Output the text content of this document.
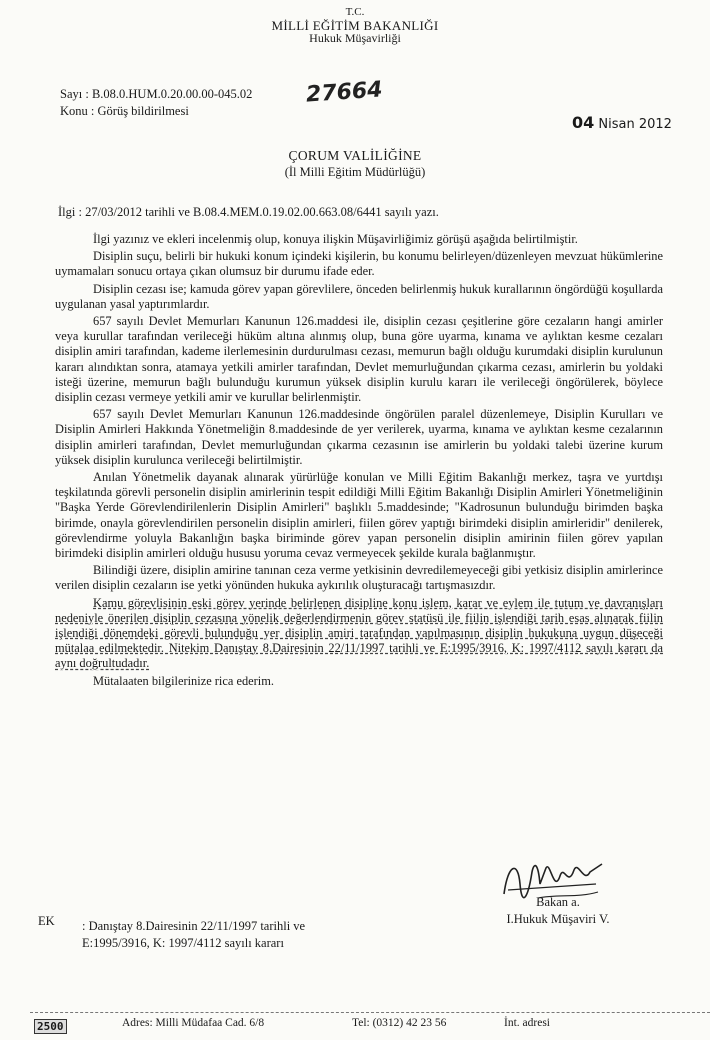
T.C.
MİLLİ EĞİTİM BAKANLIĞI
Hukuk Müşavirliği
Sayı : B.08.0.HUM.0.20.00.00-045.02
Konu : Görüş bildirilmesi
27664
04 Nisan 2012
ÇORUM VALİLİĞİNE
(İl Milli Eğitim Müdürlüğü)
İlgi : 27/03/2012 tarihli ve B.08.4.MEM.0.19.02.00.663.08/6441 sayılı yazı.

İlgi yazınız ve ekleri incelenmiş olup, konuya ilişkin Müşavirliğimiz görüşü aşağıda belirtilmiştir.

Disiplin suçu, belirli bir hukuki konum içindeki kişilerin, bu konumu belirleyen/düzenleyen mevzuat hükümlerine uymamaları sonucu ortaya çıkan olumsuz bir durumu ifade eder.

Disiplin cezası ise; kamuda görev yapan görevlilere, önceden belirlenmiş hukuk kurallarının öngördüğü koşullarda uygulanan yasal yaptırımlardır.

657 sayılı Devlet Memurları Kanunun 126.maddesi ile, disiplin cezası çeşitlerine göre cezaların hangi amirler veya kurullar tarafından verileceği hüküm altına alınmış olup, buna göre uyarma, kınama ve aylıktan kesme cezaları disiplin amiri tarafından, kademe ilerlemesinin durdurulması cezası, memurun bağlı olduğu kurumdaki disiplin kurulunun kararı alındıktan sonra, atamaya yetkili amirler tarafından, Devlet memurluğundan çıkarma cezası, amirlerin bu yoldaki isteği üzerine, memurun bağlı bulunduğu kurumun yüksek disiplin kurulu kararı ile verileceği öngörülerek, böylece disiplin cezası vermeye yetkili amir ve kurullar belirlenmiştir.

657 sayılı Devlet Memurları Kanunun 126.maddesinde öngörülen paralel düzenlemeye, Disiplin Kurulları ve Disiplin Amirleri Hakkında Yönetmeliğin 8.maddesinde de yer verilerek, uyarma, kınama ve aylıktan kesme cezalarının disiplin amirleri tarafından, Devlet memurluğundan çıkarma cezasının ise amirlerin bu yoldaki talebi üzerine kurum yüksek disiplin kurulunca verileceği belirtilmiştir.

Anılan Yönetmelik dayanak alınarak yürürlüğe konulan ve Milli Eğitim Bakanlığı merkez, taşra ve yurtdışı teşkilatında görevli personelin disiplin amirlerinin tespit edildiği Milli Eğitim Bakanlığı Disiplin Amirleri Yönetmeliğinin "Başka Yerde Görevlendirilenlerin Disiplin Amirleri" başlıklı 5.maddesinde; "Kadrosunun bulunduğu birimden başka birimde, onayla görevlendirilen personelin disiplin amirleri, fiilen görev yaptığı birimdeki disiplin amirleridir" denilerek, görevlendirme yoluyla Bakanlığın başka biriminde görev yapan personelin disiplin amirinin fiilen görev yapılan birimdeki disiplin amirleri olduğu hususu yoruma cevaz vermeyecek şekilde kurala bağlanmıştır.

Bilindiği üzere, disiplin amirine tanınan ceza verme yetkisinin devredilemeyeceği gibi yetkisiz disiplin amirlerince verilen disiplin cezaların ise yetki yönünden hukuka aykırılık oluşturacağı tartışmasızdır.

Kamu görevlisinin eski görev yerinde belirlenen disipline konu işlem, karar ve eylem ile tutum ve davranışları nedeniyle önerilen disiplin cezasına yönelik değerlendirmenin görev statüsü ile fiilin işlendiği tarih esas alınarak fiilin işlendiği dönemdeki görevli bulunduğu yer disiplin amiri tarafından yapılmasının disiplin hukukuna uygun düşeceği mütalaa edilmektedir. Nitekim Danıştay 8.Dairesinin 22/11/1997 tarihli ve E:1995/3916, K: 1997/4112 sayılı kararı da aynı doğrultudadır.

Mütalaaten bilgilerinize rica ederim.

Bakan a.
I.Hukuk Müşaviri V.
EK : Danıştay 8.Dairesinin 22/11/1997 tarihli ve
E:1995/3916, K: 1997/4112 sayılı kararı
2500	Adres: Milli Müdafaa Cad. 6/8	Tel: (0312) 42 23 56	İnt. adresi
